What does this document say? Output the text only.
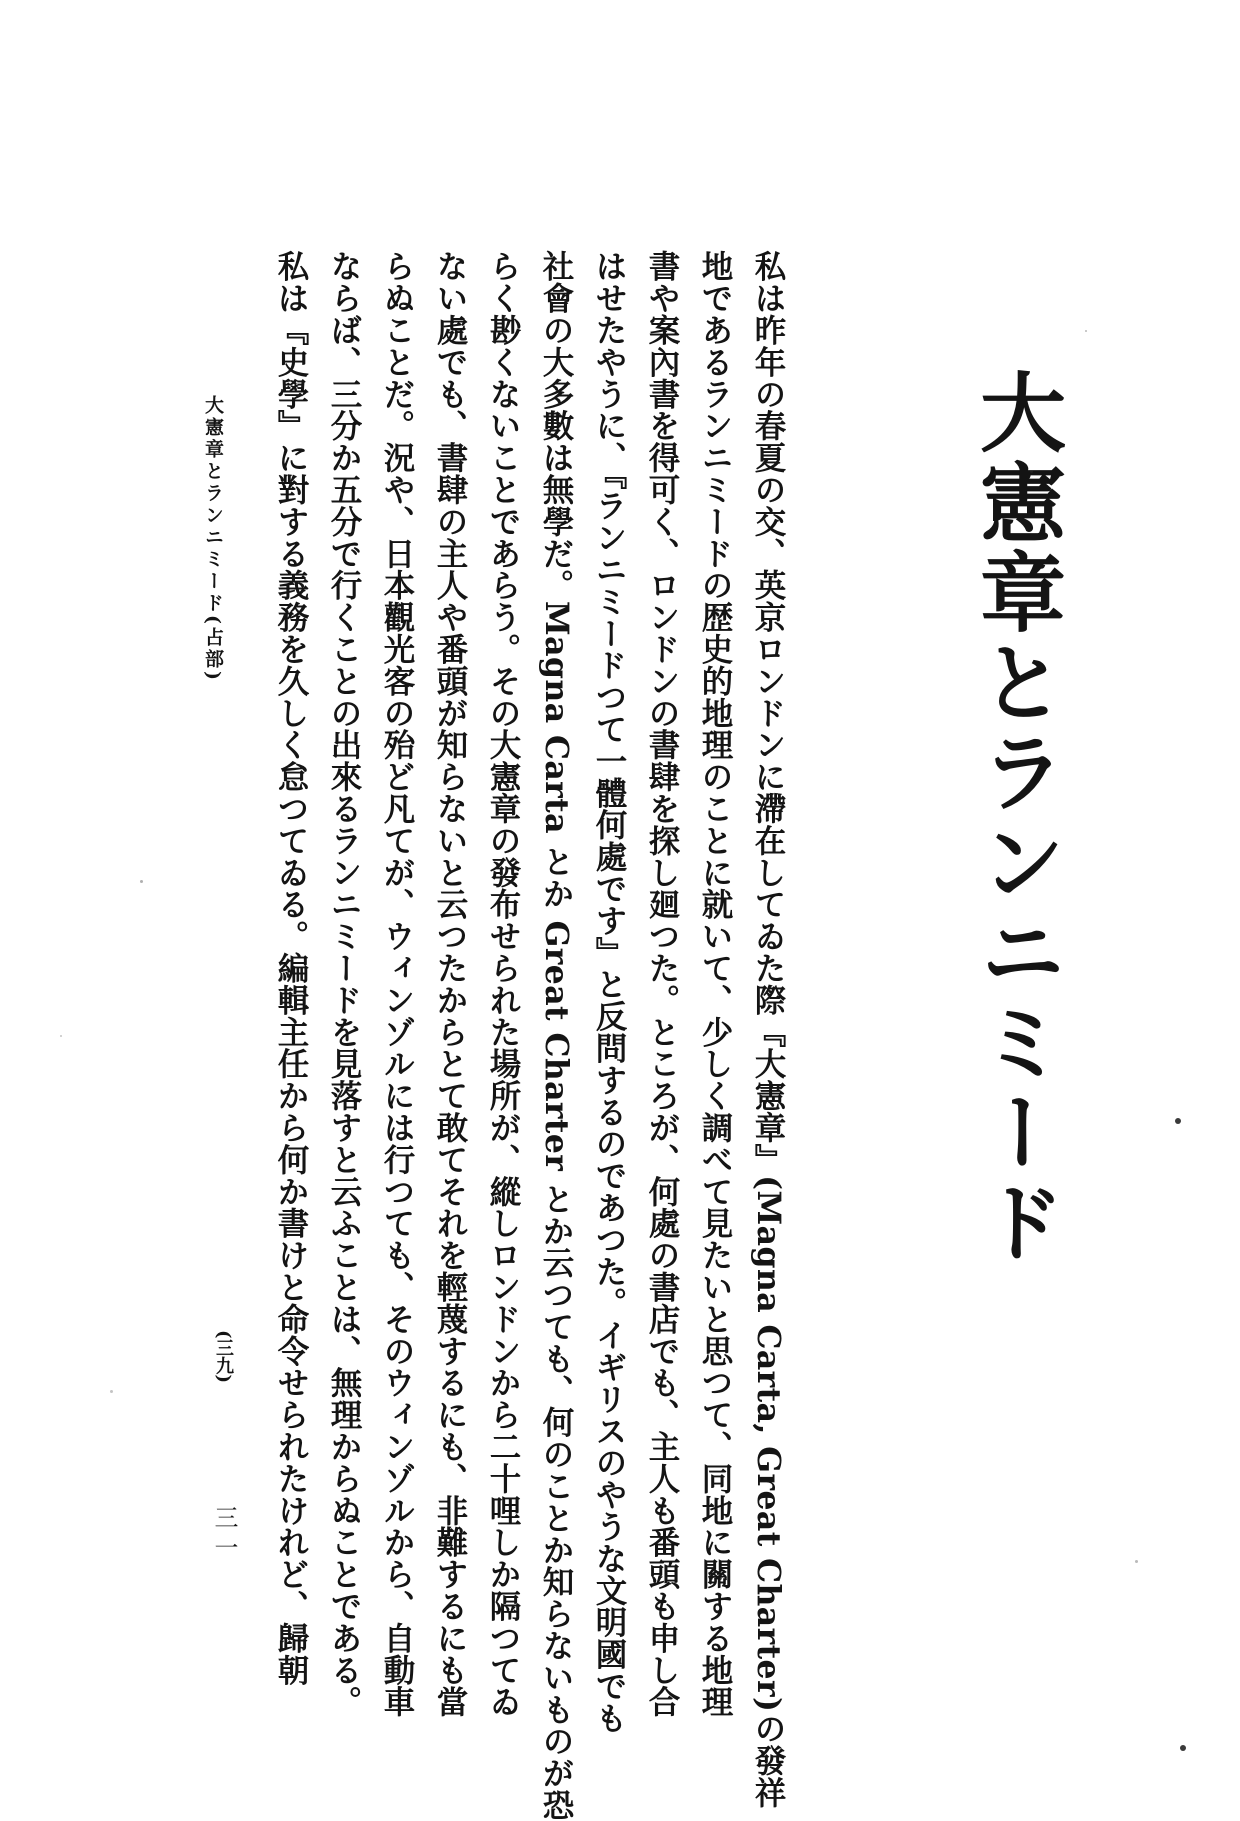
大憲章とランニミード
私は昨年の春夏の交、英京ロンドンに滯在してゐた際『大憲章』(Magna Carta, Great Charter)の發祥
地であるランニミードの歴史的地理のことに就いて、少しく調べて見たいと思つて、同地に關する地理
書や案內書を得可く、ロンドンの書肆を探し廻つた。ところが、何處の書店でも、主人も番頭も申し合
はせたやうに、『ランニミードつて一體何處です』と反問するのであつた。イギリスのやうな文明國でも
社會の大多數は無學だ。Magna Carta とか Great Charter とか云つても、何のことか知らないものが恐
らく尠くないことであらう。その大憲章の發布せられた場所が、縱しロンドンから二十哩しか隔つてゐ
ない處でも、書肆の主人や番頭が知らないと云つたからとて敢てそれを輕蔑するにも、非難するにも當
らぬことだ。況や、日本觀光客の殆ど凡てが、ウィンゾルには行つても、そのウィンゾルから、自動車
ならば、三分か五分で行くことの出來るランニミードを見落すと云ふことは、無理からぬことである。
私は『史學』に對する義務を久しく怠つてゐる。編輯主任から何か書けと命令せられたけれど、歸朝
大憲章とランニミード(占部)
(三九)
三一
